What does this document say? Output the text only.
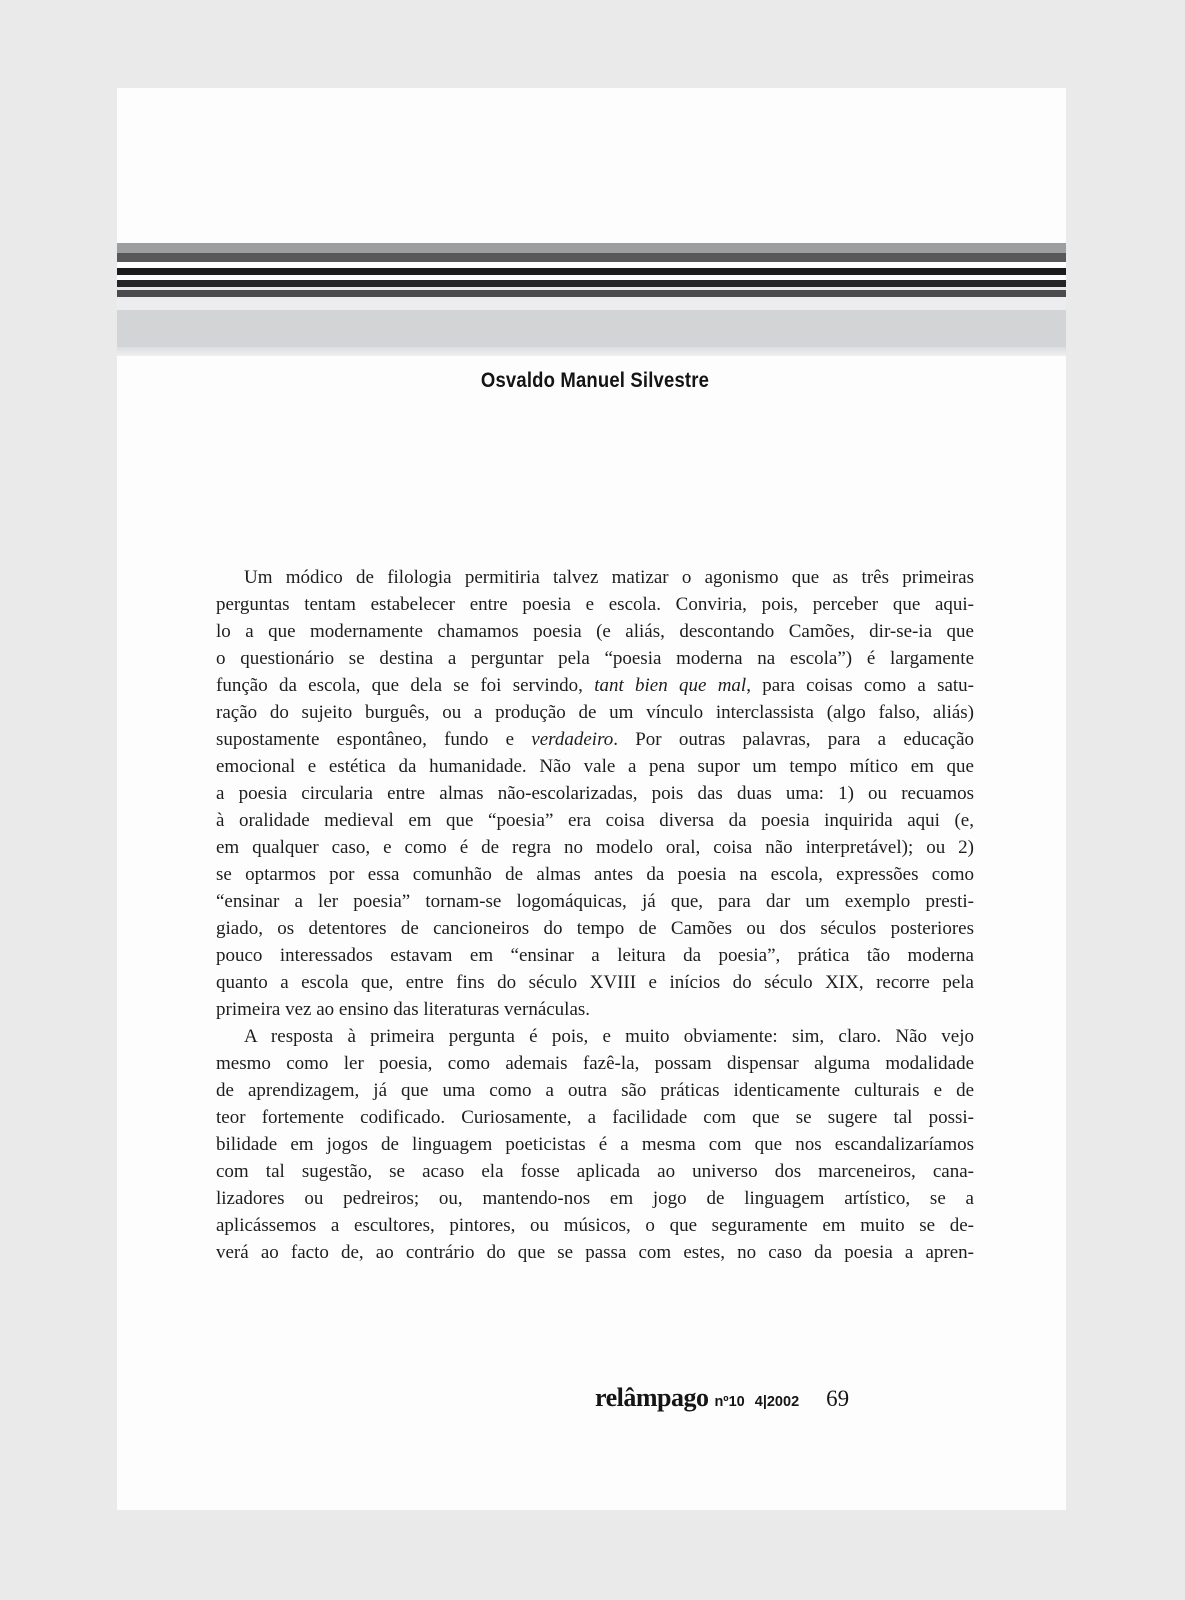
Osvaldo Manuel Silvestre
Um módico de filologia permitiria talvez matizar o agonismo que as três primeiras
perguntas tentam estabelecer entre poesia e escola. Conviria, pois, perceber que aqui-
lo a que modernamente chamamos poesia (e aliás, descontando Camões, dir-se-ia que
o questionário se destina a perguntar pela “poesia moderna na escola”) é largamente
função da escola, que dela se foi servindo, tant bien que mal, para coisas como a satu-
ração do sujeito burguês, ou a produção de um vínculo interclassista (algo falso, aliás)
supostamente espontâneo, fundo e verdadeiro. Por outras palavras, para a educação
emocional e estética da humanidade. Não vale a pena supor um tempo mítico em que
a poesia circularia entre almas não-escolarizadas, pois das duas uma: 1) ou recuamos
à oralidade medieval em que “poesia” era coisa diversa da poesia inquirida aqui (e,
em qualquer caso, e como é de regra no modelo oral, coisa não interpretável); ou 2)
se optarmos por essa comunhão de almas antes da poesia na escola, expressões como
“ensinar a ler poesia” tornam-se logomáquicas, já que, para dar um exemplo presti-
giado, os detentores de cancioneiros do tempo de Camões ou dos séculos posteriores
pouco interessados estavam em “ensinar a leitura da poesia”, prática tão moderna
quanto a escola que, entre fins do século XVIII e inícios do século XIX, recorre pela
primeira vez ao ensino das literaturas vernáculas.
A resposta à primeira pergunta é pois, e muito obviamente: sim, claro. Não vejo
mesmo como ler poesia, como ademais fazê-la, possam dispensar alguma modalidade
de aprendizagem, já que uma como a outra são práticas identicamente culturais e de
teor fortemente codificado. Curiosamente, a facilidade com que se sugere tal possi-
bilidade em jogos de linguagem poeticistas é a mesma com que nos escandalizaríamos
com tal sugestão, se acaso ela fosse aplicada ao universo dos marceneiros, cana-
lizadores ou pedreiros; ou, mantendo-nos em jogo de linguagem artístico, se a
aplicássemos a escultores, pintores, ou músicos, o que seguramente em muito se de-
verá ao facto de, ao contrário do que se passa com estes, no caso da poesia a apren-
relâmpago nº10 4|2002 69
